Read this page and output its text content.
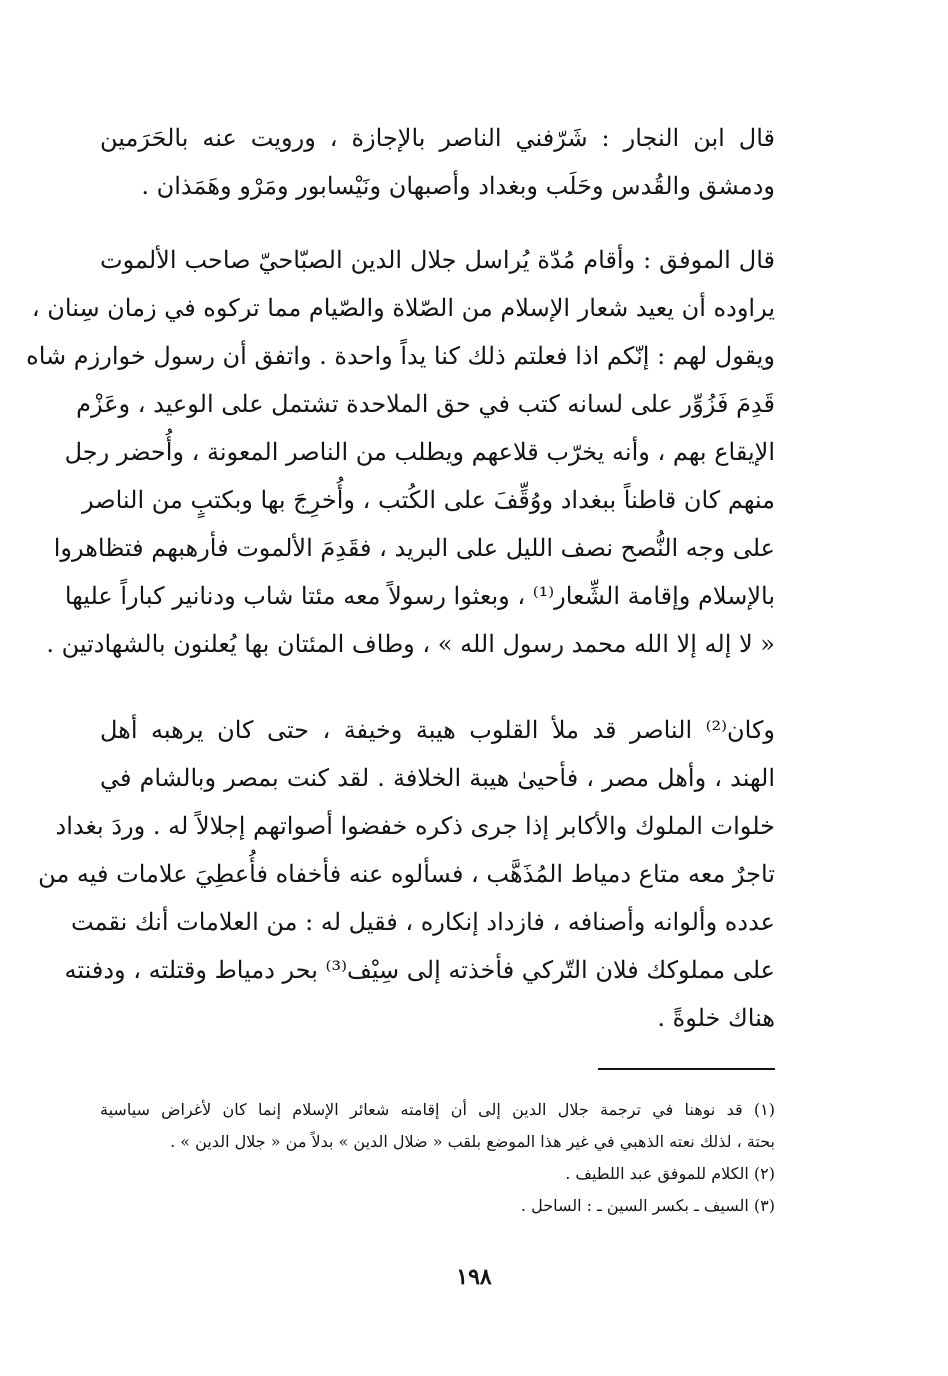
قال ابن النجار : شَرّفني الناصر بالإجازة ، ورويت عنه بالحَرَمين
ودمشق والقُدس وحَلَب وبغداد وأصبهان ونَيْسابور ومَرْو وهَمَذان .
قال الموفق : وأقام مُدّة يُراسل جلال الدين الصبّاحيّ صاحب الألموت
يراوده أن يعيد شعار الإسلام من الصّلاة والصّيام مما تركوه في زمان سِنان ،
ويقول لهم : إنّكم اذا فعلتم ذلك كنا يداً واحدة . واتفق أن رسول خوارزم شاه
قَدِمَ فَزُوِّر على لسانه كتب في حق الملاحدة تشتمل على الوعيد ، وعَزْم
الإيقاع بهم ، وأنه يخرّب قلاعهم ويطلب من الناصر المعونة ، وأُحضر رجل
منهم كان قاطناً ببغداد ووُقِّفَ على الكُتب ، وأُخرِجَ بها وبكتبٍ من الناصر
على وجه النُّصح نصف الليل على البريد ، فقَدِمَ الألموت فأرهبهم فتظاهروا
بالإسلام وإقامة الشِّعار⁽¹⁾ ، وبعثوا رسولاً معه مئتا شاب ودنانير كباراً عليها
« لا إله إلا الله محمد رسول الله » ، وطاف المئتان بها يُعلنون بالشهادتين .
وكان⁽²⁾ الناصر قد ملأ القلوب هيبة وخيفة ، حتى كان يرهبه أهل
الهند ، وأهل مصر ، فأحيىٰ هيبة الخلافة . لقد كنت بمصر وبالشام في
خلوات الملوك والأكابر إذا جرى ذكره خفضوا أصواتهم إجلالاً له . وردَ بغداد
تاجرٌ معه متاع دمياط المُذَهَّب ، فسألوه عنه فأخفاه فأُعطِيَ علامات فيه من
عدده وألوانه وأصنافه ، فازداد إنكاره ، فقيل له : من العلامات أنك نقمت
على مملوكك فلان التّركي فأخذته إلى سِيْف⁽³⁾ بحر دمياط وقتلته ، ودفنته
هناك خلوةً .
(١) قد نوهنا في ترجمة جلال الدين إلى أن إقامته شعائر الإسلام إنما كان لأغراض سياسية
بحتة ، لذلك نعته الذهبي في غير هذا الموضع بلقب « ضلال الدين » بدلاً من « جلال الدين » .
(٢) الكلام للموفق عبد اللطيف .
(٣) السيف ـ بكسر السين ـ : الساحل .
١٩٨
